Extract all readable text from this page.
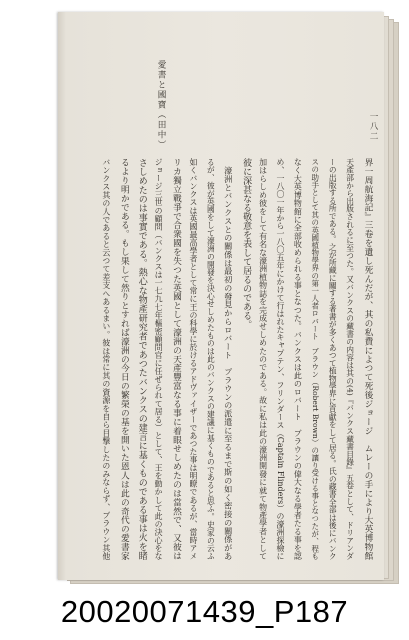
愛書と國寶（田中）	一八二
界一周航海記』三卷を遺し死んだが、其の私費によつて死後ジョージ　ムレーの手により大英博物館
天產部から出版されるに至つた。又バンクスの藏書の内容は其の(4)『バンクス藏書目錄』五卷として、ドリアンダ
ーの出版する所である。之が所藏に關する著書が多くあつて植物學界に貢獻をして居る。氏の藏書全部は後にバンク
スの助手として其の英國植物學界の第一人者ロバート　ブラウン（Robert Brown）の讓り受ける事となつたが、程も
なく大英博物館に全部收められる事となつた。バンクスは此のロバート　ブラウンの偉大なる學者たる事を認
め、一八〇一年から一八〇五年にかけて行はれたキャプテン、フリンダース（Captain Flinders）の濠洲探檢に
加はらしめ彼をして有名な濠洲植物誌を完成せしめたのである。故に私は此の濠洲開發に就て物產學者として
彼に深甚なる敬意を表して居るのである。
　濠洲とバンクスとの關係は最初の發見からロバート　ブラウンの派遣に至るまで斯の如く密接の關係があ
るが、彼が英國をして濠洲の開發を決心せしめたものは此のバンクスの建議に基くものであると思ふ。史家の云ふ
如くバンクスは英國最高學者として常に王の科學に於けるアドヴァイザーであつた事は明瞭であるが、當時アメ
リカ獨立戰爭で合衆國を失つた英國として濠洲の天產豐富なる事に着眼せしめたのは當然で、又彼は
ジョージ三世の顧問（バンクスは一七九七年樞密顧問官に任ぜられて居る）として、王を動かして此の決心をな
さしめたのは事實である。熱心な物產研究者であつたバンクスの建言に基くものである事は火を睹
るより明かである。もし果して然りとすれば濠洲の今日の繁榮の基を開いた恩人は此の奇代の愛書家
バンクス其の人であると云つて差支へあるまい。彼は常に其の資源を自ら目撃したのみならず、ブラウン其他
20020071439_P187
